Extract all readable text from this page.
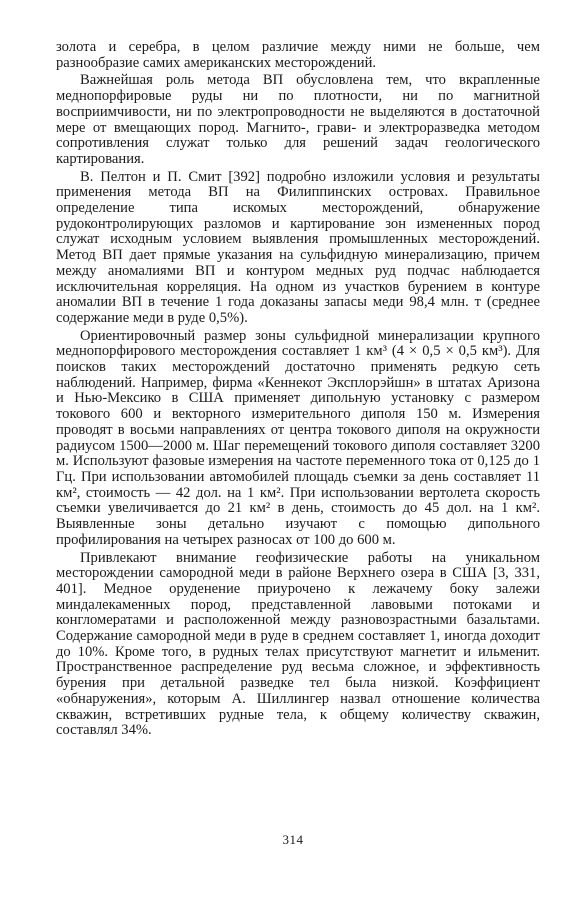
золота и серебра, в целом различие между ними не больше, чем разнообразие самих американских месторождений.

Важнейшая роль метода ВП обусловлена тем, что вкрапленные меднопорфировые руды ни по плотности, ни по магнитной восприимчивости, ни по электропроводности не выделяются в достаточной мере от вмещающих пород. Магнито-, грави- и электроразведка методом сопротивления служат только для решений задач геологического картирования.

В. Пелтон и П. Смит [392] подробно изложили условия и результаты применения метода ВП на Филиппинских островах. Правильное определение типа искомых месторождений, обнаружение рудоконтролирующих разломов и картирование зон измененных пород служат исходным условием выявления промышленных месторождений. Метод ВП дает прямые указания на сульфидную минерализацию, причем между аномалиями ВП и контуром медных руд подчас наблюдается исключительная корреляция. На одном из участков бурением в контуре аномалии ВП в течение 1 года доказаны запасы меди 98,4 млн. т (среднее содержание меди в руде 0,5%).

Ориентировочный размер зоны сульфидной минерализации крупного меднопорфирового месторождения составляет 1 км³ (4 × 0,5 × 0,5 км³). Для поисков таких месторождений достаточно применять редкую сеть наблюдений. Например, фирма «Кеннекот Эксплорэйшн» в штатах Аризона и Нью-Мексико в США применяет дипольную установку с размером токового 600 и векторного измерительного диполя 150 м. Измерения проводят в восьми направлениях от центра токового диполя на окружности радиусом 1500—2000 м. Шаг перемещений токового диполя составляет 3200 м. Используют фазовые измерения на частоте переменного тока от 0,125 до 1 Гц. При использовании автомобилей площадь съемки за день составляет 11 км², стоимость — 42 дол. на 1 км². При использовании вертолета скорость съемки увеличивается до 21 км² в день, стоимость до 45 дол. на 1 км². Выявленные зоны детально изучают с помощью дипольного профилирования на четырех разносах от 100 до 600 м.

Привлекают внимание геофизические работы на уникальном месторождении самородной меди в районе Верхнего озера в США [3, 331, 401]. Медное оруденение приурочено к лежачему боку залежи миндалекаменных пород, представленной лавовыми потоками и конгломератами и расположенной между разновозрастными базальтами. Содержание самородной меди в руде в среднем составляет 1, иногда доходит до 10%. Кроме того, в рудных телах присутствуют магнетит и ильменит. Пространственное распределение руд весьма сложное, и эффективность бурения при детальной разведке тел была низкой. Коэффициент «обнаружения», которым А. Шиллингер назвал отношение количества скважин, встретивших рудные тела, к общему количеству скважин, составлял 34%.

314
